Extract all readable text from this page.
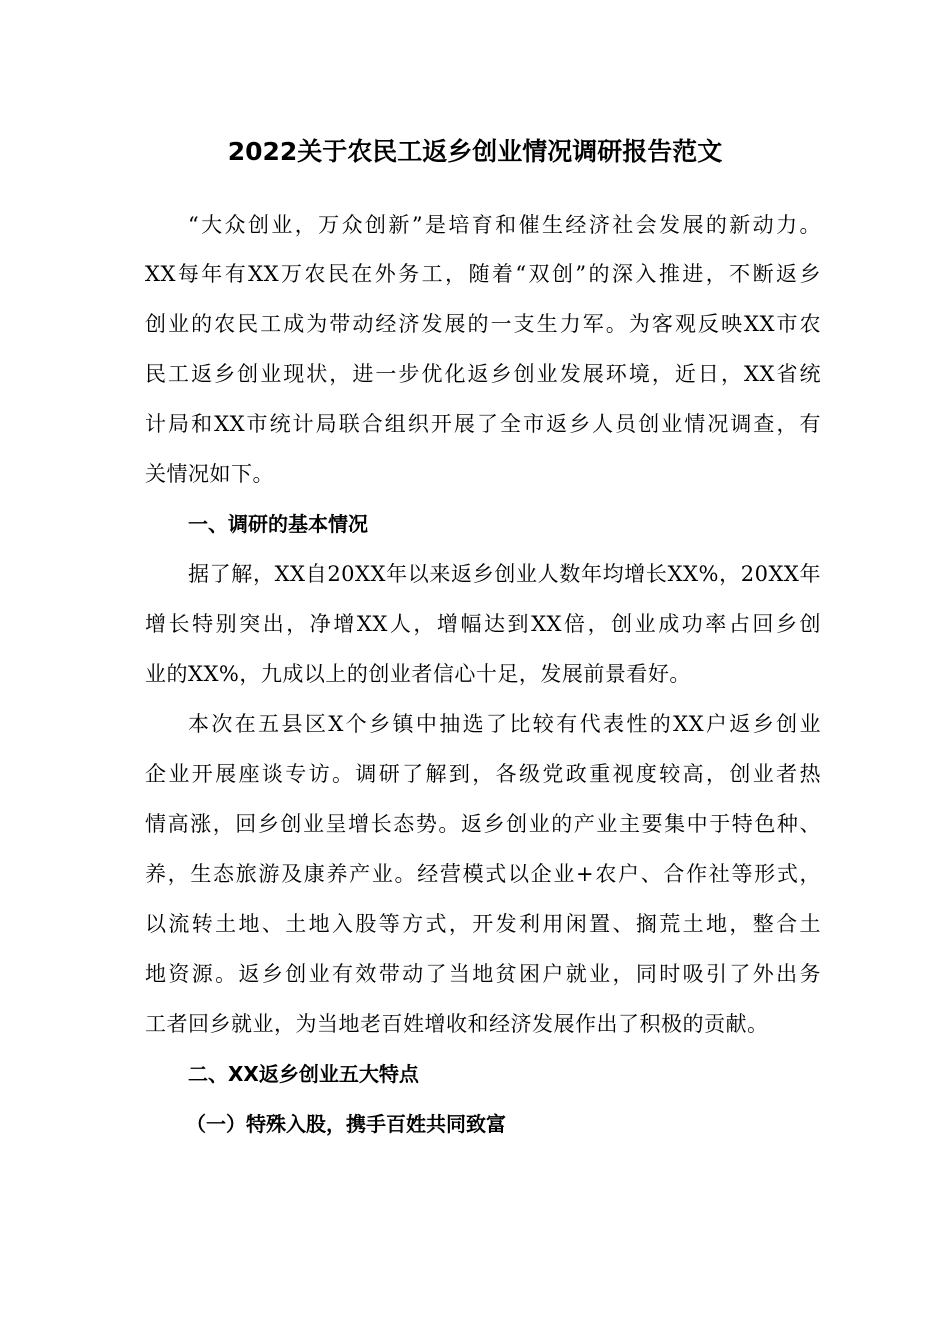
2022关于农民工返乡创业情况调研报告范文
“大众创业，万众创新”是培育和催生经济社会发展的新动力。
XX每年有XX万农民在外务工，随着“双创”的深入推进，不断返乡
创业的农民工成为带动经济发展的一支生力军。为客观反映XX市农
民工返乡创业现状，进一步优化返乡创业发展环境，近日，XX省统
计局和XX市统计局联合组织开展了全市返乡人员创业情况调查，有
关情况如下。
一、调研的基本情况
据了解，XX自20XX年以来返乡创业人数年均增长XX%，20XX年
增长特别突出，净增XX人，增幅达到XX倍，创业成功率占回乡创
业的XX%，九成以上的创业者信心十足，发展前景看好。
本次在五县区X个乡镇中抽选了比较有代表性的XX户返乡创业
企业开展座谈专访。调研了解到，各级党政重视度较高，创业者热
情高涨，回乡创业呈增长态势。返乡创业的产业主要集中于特色种、
养，生态旅游及康养产业。经营模式以企业+农户、合作社等形式，
以流转土地、土地入股等方式，开发利用闲置、搁荒土地，整合土
地资源。返乡创业有效带动了当地贫困户就业，同时吸引了外出务
工者回乡就业，为当地老百姓增收和经济发展作出了积极的贡献。
二、XX返乡创业五大特点
（一）特殊入股，携手百姓共同致富
